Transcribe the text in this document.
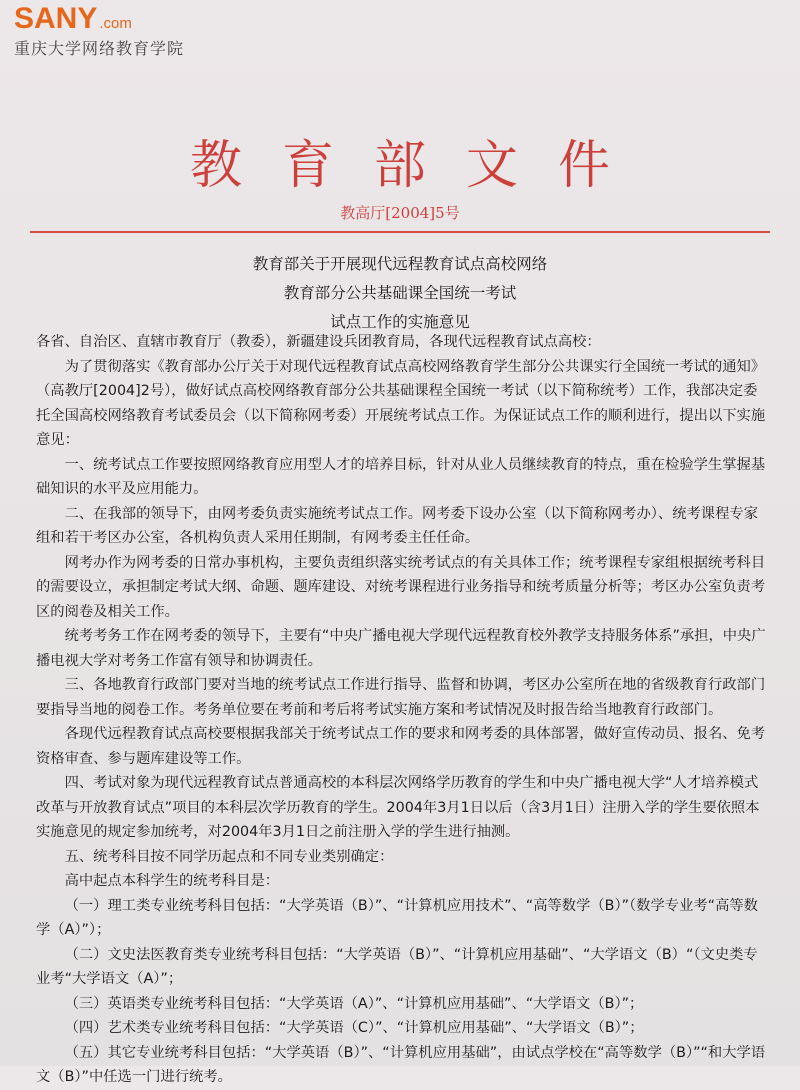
SANY .com
重庆大学网络教育学院
教育部文件
教高厅[2004]5号
教育部关于开展现代远程教育试点高校网络
教育部分公共基础课全国统一考试
试点工作的实施意见

各省、自治区、直辖市教育厅（教委），新疆建设兵团教育局，各现代远程教育试点高校：

为了贯彻落实《教育部办公厅关于对现代远程教育试点高校网络教育学生部分公共课实行全国统一考试的通知》（高教厅[2004]2号），做好试点高校网络教育部分公共基础课程全国统一考试（以下简称统考）工作，我部决定委托全国高校网络教育考试委员会（以下简称网考委）开展统考试点工作。为保证试点工作的顺利进行，提出以下实施意见：

一、统考试点工作要按照网络教育应用型人才的培养目标，针对从业人员继续教育的特点，重在检验学生掌握基础知识的水平及应用能力。

二、在我部的领导下，由网考委负责实施统考试点工作。网考委下设办公室（以下简称网考办）、统考课程专家组和若干考区办公室，各机构负责人采用任期制，有网考委主任任命。

网考办作为网考委的日常办事机构，主要负责组织落实统考试点的有关具体工作；统考课程专家组根据统考科目的需要设立，承担制定考试大纲、命题、题库建设、对统考课程进行业务指导和统考质量分析等；考区办公室负责考区的阅卷及相关工作。

统考考务工作在网考委的领导下，主要有“中央广播电视大学现代远程教育校外教学支持服务体系”承担，中央广播电视大学对考务工作富有领导和协调责任。

三、各地教育行政部门要对当地的统考试点工作进行指导、监督和协调，考区办公室所在地的省级教育行政部门要指导当地的阅卷工作。考务单位要在考前和考后将考试实施方案和考试情况及时报告给当地教育行政部门。

各现代远程教育试点高校要根据我部关于统考试点工作的要求和网考委的具体部署，做好宣传动员、报名、免考资格审查、参与题库建设等工作。

四、考试对象为现代远程教育试点普通高校的本科层次网络学历教育的学生和中央广播电视大学“人才培养模式改革与开放教育试点”项目的本科层次学历教育的学生。2004年3月1日以后（含3月1日）注册入学的学生要依照本实施意见的规定参加统考，对2004年3月1日之前注册入学的学生进行抽测。

五、统考科目按不同学历起点和不同专业类别确定：

高中起点本科学生的统考科目是：

（一）理工类专业统考科目包括：“大学英语（B）”、“计算机应用技术”、“高等数学（B）”（数学专业考“高等数学（A）”）；

（二）文史法医教育类专业统考科目包括：“大学英语（B）”、“计算机应用基础”、“大学语文（B）“（文史类专业考“大学语文（A）”；

（三）英语类专业统考科目包括：“大学英语（A）”、“计算机应用基础”、“大学语文（B）”；

（四）艺术类专业统考科目包括：“大学英语（C）”、“计算机应用基础”、“大学语文（B）”；

（五）其它专业统考科目包括：“大学英语（B）”、“计算机应用基础”，由试点学校在“高等数学（B）”“和大学语文（B）”中任选一门进行统考。
